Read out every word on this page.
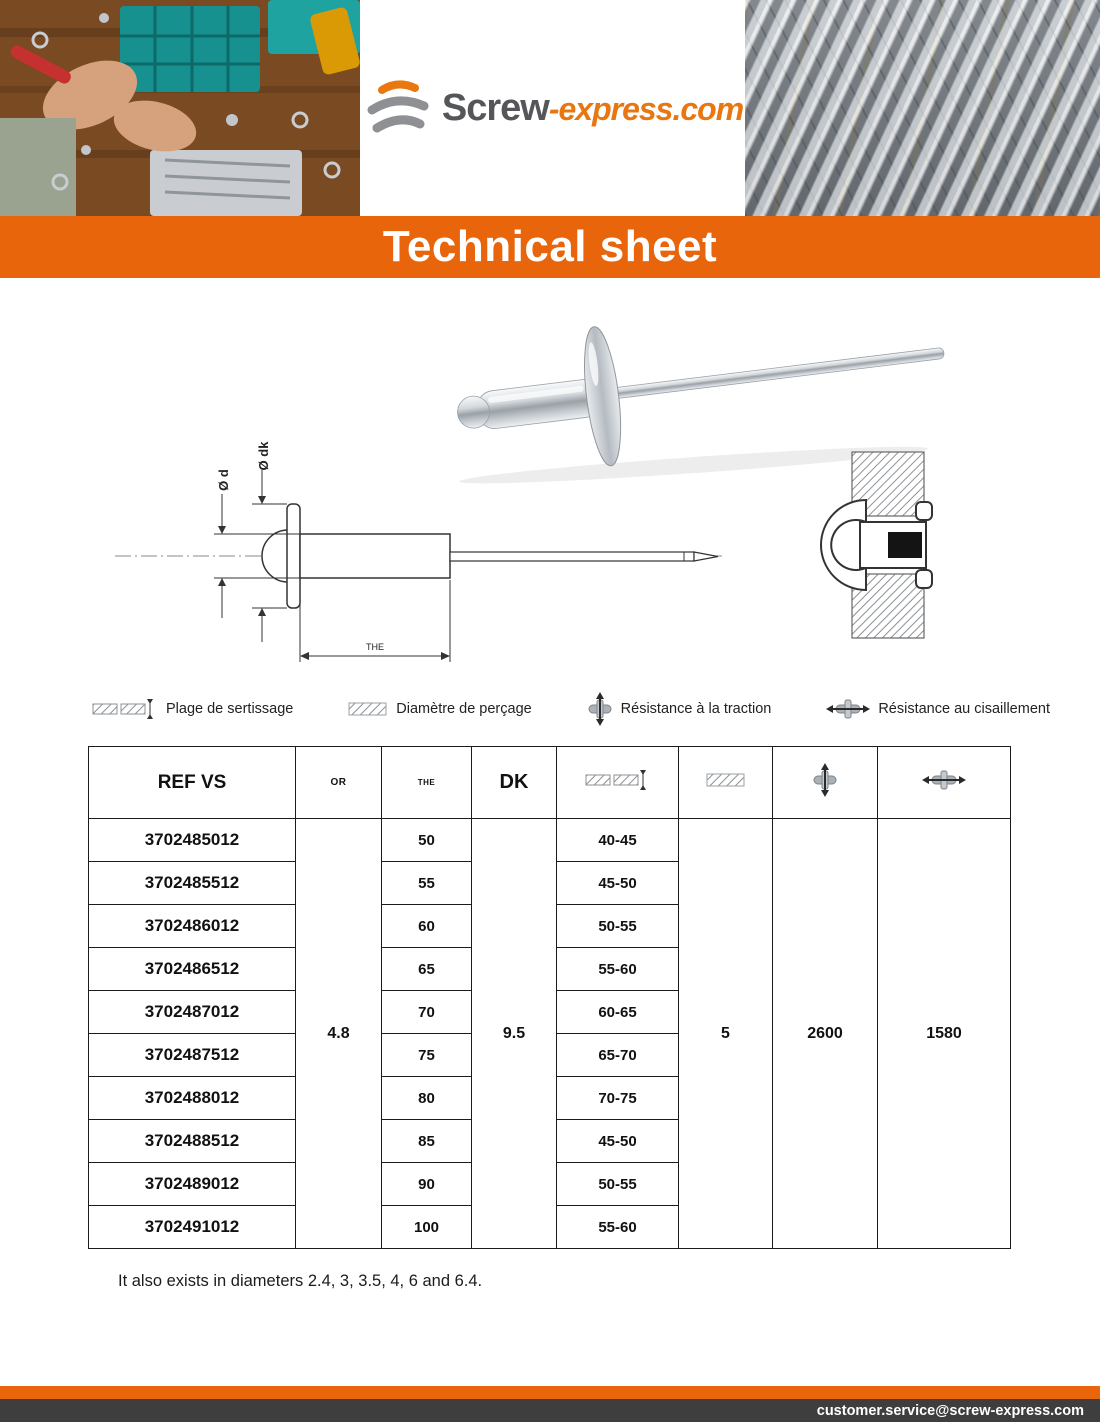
Screw-express.com
Technical sheet
Ø d
Ø dk
THE
Plage de sertissage	Diamètre de perçage	Résistance à la traction	Résistance au cisaillement
REF VS	OR	THE	DK				
3702485012	4.8	50	9.5	40-45	5	2600	1580
3702485512		55		45-50			
3702486012		60		50-55			
3702486512		65		55-60			
3702487012		70		60-65			
3702487512		75		65-70			
3702488012		80		70-75			
3702488512		85		45-50			
3702489012		90		50-55			
3702491012		100		55-60			
It also exists in diameters 2.4, 3, 3.5, 4, 6 and 6.4.
customer.service@screw-express.com
